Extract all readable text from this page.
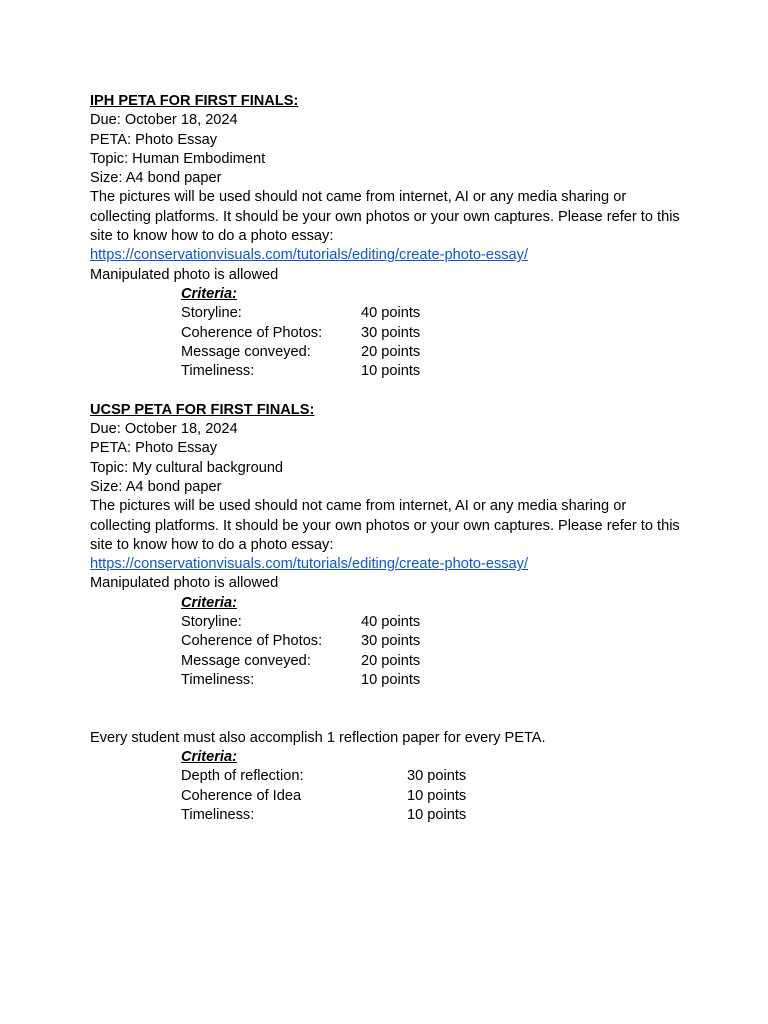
IPH PETA FOR FIRST FINALS:

Due: October 18, 2024

PETA: Photo Essay

Topic: Human Embodiment

Size: A4 bond paper

The pictures will be used should not came from internet, AI or any media sharing or collecting platforms. It should be your own photos or your own captures. Please refer to this site to know how to do a photo essay:

https://conservationvisuals.com/tutorials/editing/create-photo-essay/

Manipulated photo is allowed

Criteria:

Storyline:	40 points
Coherence of Photos:	30 points
Message conveyed:	20 points
Timeliness:	10 points

UCSP PETA FOR FIRST FINALS:

Due: October 18, 2024

PETA: Photo Essay

Topic: My cultural background

Size: A4 bond paper

The pictures will be used should not came from internet, AI or any media sharing or collecting platforms. It should be your own photos or your own captures. Please refer to this site to know how to do a photo essay:

https://conservationvisuals.com/tutorials/editing/create-photo-essay/

Manipulated photo is allowed

Criteria:

Storyline:	40 points
Coherence of Photos:	30 points
Message conveyed:	20 points
Timeliness:	10 points

Every student must also accomplish 1 reflection paper for every PETA.

Criteria:

Depth of reflection:	30 points
Coherence of Idea	10 points
Timeliness:	10 points
